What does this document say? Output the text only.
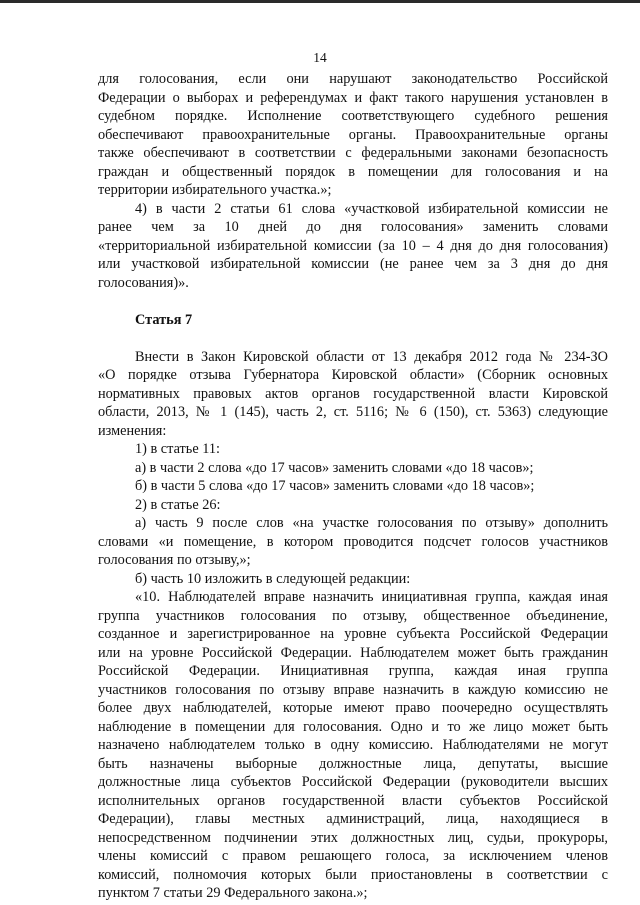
14
для голосования, если они нарушают законодательство Российской
Федерации о выборах и референдумах и факт такого нарушения установлен в
судебном порядке. Исполнение соответствующего судебного решения
обеспечивают правоохранительные органы. Правоохранительные органы
также обеспечивают в соответствии с федеральными законами безопасность
граждан и общественный порядок в помещении для голосования и на
территории избирательного участка.»;
4) в части 2 статьи 61 слова «участковой избирательной комиссии не
ранее чем за 10 дней до дня голосования» заменить словами
«территориальной избирательной комиссии (за 10 – 4 дня до дня голосования)
или участковой избирательной комиссии (не ранее чем за 3 дня до дня
голосования)».
Статья 7
Внести в Закон Кировской области от 13 декабря 2012 года № 234-ЗО
«О порядке отзыва Губернатора Кировской области» (Сборник основных
нормативных правовых актов органов государственной власти Кировской
области, 2013, № 1 (145), часть 2, ст. 5116; № 6 (150), ст. 5363) следующие
изменения:
1) в статье 11:
а) в части 2 слова «до 17 часов» заменить словами «до 18 часов»;
б) в части 5 слова «до 17 часов» заменить словами «до 18 часов»;
2) в статье 26:
а) часть 9 после слов «на участке голосования по отзыву» дополнить
словами «и помещение, в котором проводится подсчет голосов участников
голосования по отзыву,»;
б) часть 10 изложить в следующей редакции:
«10. Наблюдателей вправе назначить инициативная группа, каждая иная
группа участников голосования по отзыву, общественное объединение,
созданное и зарегистрированное на уровне субъекта Российской Федерации
или на уровне Российской Федерации. Наблюдателем может быть гражданин
Российской Федерации. Инициативная группа, каждая иная группа
участников голосования по отзыву вправе назначить в каждую комиссию не
более двух наблюдателей, которые имеют право поочередно осуществлять
наблюдение в помещении для голосования. Одно и то же лицо может быть
назначено наблюдателем только в одну комиссию. Наблюдателями не могут
быть назначены выборные должностные лица, депутаты, высшие
должностные лица субъектов Российской Федерации (руководители высших
исполнительных органов государственной власти субъектов Российской
Федерации), главы местных администраций, лица, находящиеся в
непосредственном подчинении этих должностных лиц, судьи, прокуроры,
члены комиссий с правом решающего голоса, за исключением членов
комиссий, полномочия которых были приостановлены в соответствии с
пунктом 7 статьи 29 Федерального закона.»;
